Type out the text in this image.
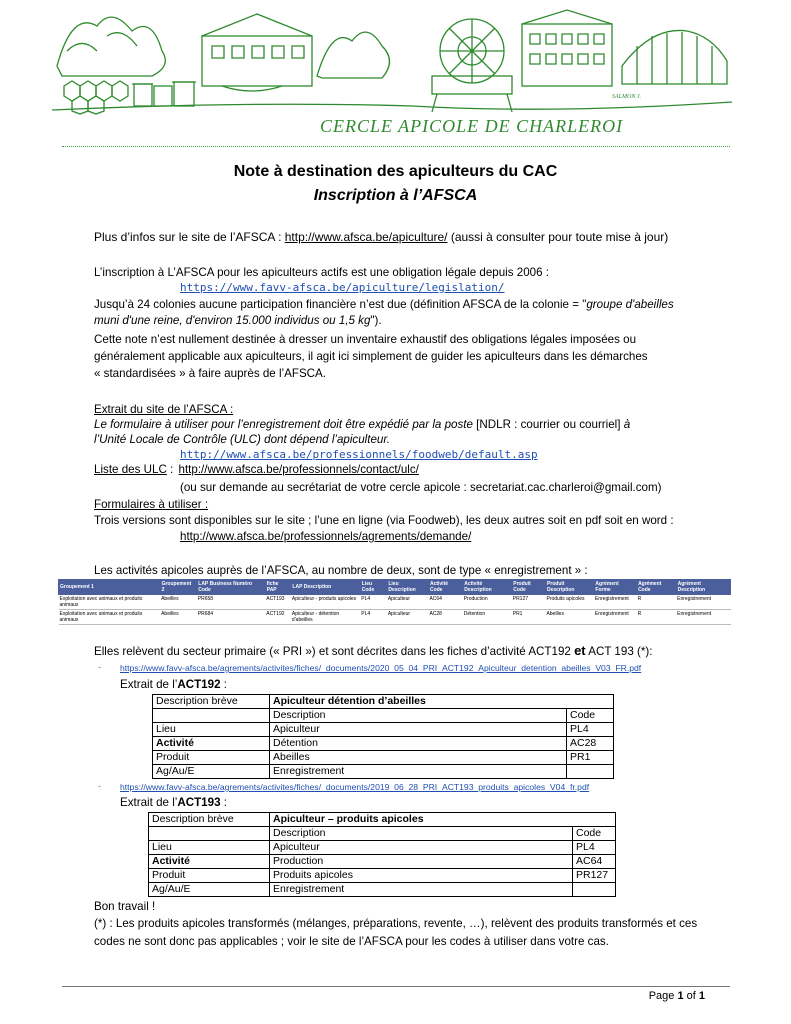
SALMON J.
CERCLE APICOLE DE CHARLEROI
Note à destination des apiculteurs du CAC
Inscription à l’AFSCA
Plus d’infos sur le site de l’AFSCA : http://www.afsca.be/apiculture/ (aussi à consulter pour toute mise à jour)
L’inscription à L’AFSCA pour les apiculteurs actifs est une obligation légale depuis 2006 :
https://www.favv-afsca.be/apiculture/legislation/
Jusqu’à 24 colonies aucune participation financière n’est due (définition AFSCA de la colonie = "groupe d'abeilles
muni d'une reine, d'environ 15.000 individus ou 1,5 kg").
Cette note n’est nullement destinée à dresser un inventaire exhaustif des obligations légales imposées ou
généralement applicable aux apiculteurs, il agit ici simplement de guider les apiculteurs dans les démarches
« standardisées » à faire auprès de l’AFSCA.
Extrait du site de l’AFSCA :
Le formulaire à utiliser pour l’enregistrement doit être expédié par la poste [NDLR : courrier ou courriel] à
l’Unité Locale de Contrôle (ULC) dont dépend l’apiculteur.
http://www.afsca.be/professionnels/foodweb/default.asp
Liste des ULC : http://www.afsca.be/professionnels/contact/ulc/
(ou sur demande au secrétariat de votre cercle apicole : secretariat.cac.charleroi@gmail.com)
Formulaires à utiliser :
Trois versions sont disponibles sur le site ; l’une en ligne (via Foodweb), les deux autres soit en pdf soit en word :
http://www.afsca.be/professionnels/agrements/demande/
Les activités apicoles auprès de l’AFSCA, au nombre de deux, sont de type « enregistrement » :
Groupement 1	Groupement 2	LAP Business Numéro Code	fiche PAP	LAP Description	Lieu Code	Lieu Description	Activité Code	Activité Description	Produit Code	Produit Description	Agrément Forme	Agrément Code	Agrément Description
Exploitation avec animaux et produits animaux	Abeilles	PR658	ACT193	Apiculteur - produits apicoles	PL4	Apiculteur	AC64	Production	PR127	Produits apicoles	Enregistrement	R	Enregistrement
Exploitation avec animaux et produits animaux	Abeilles	PR684	ACT192	Apiculteur - détention d'abeilles	PL4	Apiculteur	AC28	Détention	PR1	Abeilles	Enregistrement	R	Enregistrement
Elles relèvent du secteur primaire (« PRI ») et sont décrites dans les fiches d’activité ACT192 et ACT 193 (*):
- https://www.favv-afsca.be/agrements/activites/fiches/_documents/2020_05_04_PRI_ACT192_Apiculteur_detention_abeilles_V03_FR.pdf
Extrait de l’ACT192 :
Description brève	Apiculteur détention d’abeilles	
	Description	Code
Lieu	Apiculteur	PL4
Activité	Détention	AC28
Produit	Abeilles	PR1
Ag/Au/E	Enregistrement	
- https://www.favv-afsca.be/agrements/activites/fiches/_documents/2019_06_28_PRI_ACT193_produits_apicoles_V04_fr.pdf
Extrait de l’ACT193 :
Description brève	Apiculteur – produits apicoles	
	Description	Code
Lieu	Apiculteur	PL4
Activité	Production	AC64
Produit	Produits apicoles	PR127
Ag/Au/E	Enregistrement	
Bon travail !
(*) : Les produits apicoles transformés (mélanges, préparations, revente, …), relèvent des produits transformés et ces
codes ne sont donc pas applicables ; voir le site de l’AFSCA pour les codes à utiliser dans votre cas.
Page 1 of 1
